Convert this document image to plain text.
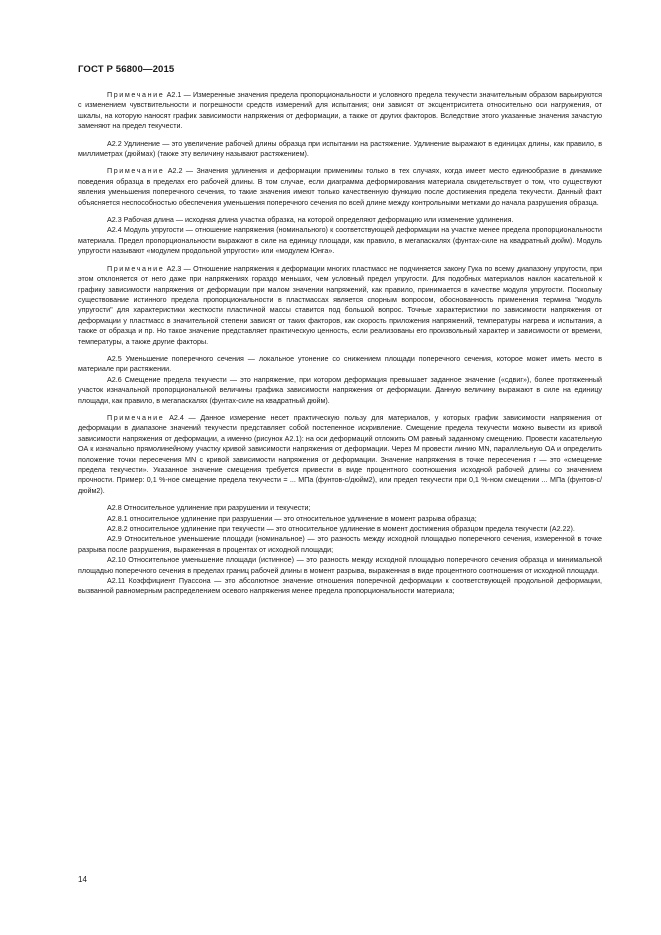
ГОСТ Р 56800—2015

Примечание А2.1 — Измеренные значения предела пропорциональности и условного предела текучести значительным образом варьируются с изменением чувствительности и погрешности средств измерений для испытания; они зависят от эксцентриситета относительно оси нагружения, от шкалы, на которую наносят график зависимости напряжения от деформации, а также от других факторов. Вследствие этого указанные значения зачастую заменяют на предел текучести.

А2.2 Удлинение — это увеличение рабочей длины образца при испытании на растяжение. Удлинение выражают в единицах длины, как правило, в миллиметрах (дюймах) (также эту величину называют растяжением).

Примечание А2.2 — Значения удлинения и деформации применимы только в тех случаях, когда имеет место единообразие в динамике поведения образца в пределах его рабочей длины. В том случае, если диаграмма деформирования материала свидетельствует о том, что существуют явления уменьшения поперечного сечения, то такие значения имеют только качественную функцию после достижения предела текучести. Данный факт объясняется неспособностью обеспечения уменьшения поперечного сечения по всей длине между контрольными метками до начала разрушения образца.

А2.3 Рабочая длина — исходная длина участка образка, на которой определяют деформацию или изменение удлинения.

А2.4 Модуль упругости — отношение напряжения (номинального) к соответствующей деформации на участке менее предела пропорциональности материала. Предел пропорциональности выражают в силе на единицу площади, как правило, в мегапаскалях (фунтах-силе на квадратный дюйм). Модуль упругости называют «модулем продольной упругости» или «модулем Юнга».

Примечание А2.3 — Отношение напряжения к деформации многих пластмасс не подчиняется закону Гука по всему диапазону упругости, при этом отклоняется от него даже при напряжениях гораздо меньших, чем условный предел упругости. Для подобных материалов наклон касательной к графику зависимости напряжения от деформации при малом значении напряжений, как правило, принимается в качестве модуля упругости. Поскольку существование истинного предела пропорциональности в пластмассах является спорным вопросом, обоснованность применения термина "модуль упругости" для характеристики жесткости пластичной массы ставится под большой вопрос. Точные характеристики по зависимости напряжения от деформации у пластмасс в значительной степени зависят от таких факторов, как скорость приложения напряжений, температуры нагрева и испытания, а также от образца и пр. Но такое значение представляет практическую ценность, если реализованы его произвольный характер и зависимости от времени, температуры, а также другие факторы.

А2.5 Уменьшение поперечного сечения — локальное утонение со снижением площади поперечного сечения, которое может иметь место в материале при растяжении.

А2.6 Смещение предела текучести — это напряжение, при котором деформация превышает заданное значение («сдвиг»), более протяженный участок изначальной пропорциональной величины графика зависимости напряжения от деформации. Данную величину выражают в силе на единицу площади, как правило, в мегапаскалях (фунтах-силе на квадратный дюйм).

Примечание А2.4 — Данное измерение несет практическую пользу для материалов, у которых график зависимости напряжения от деформации в диапазоне значений текучести представляет собой постепенное искривление. Смещение предела текучести можно вывести из кривой зависимости напряжения от деформации, а именно (рисунок А2.1): на оси деформаций отложить OM равный заданному смещению. Провести касательную OA к изначально прямолинейному участку кривой зависимости напряжения от деформации. Через M провести линию MN, параллельную OA и определить положение точки пересечения MN с кривой зависимости напряжения от деформации. Значение напряжения в точке пересечения r — это «смещение предела текучести». Указанное значение смещения требуется привести в виде процентного соотношения исходной рабочей длины со значением прочности. Пример: 0,1 %-ное смещение предела текучести = ... МПа (фунтов-с/дюйм2), или предел текучести при 0,1 %-ном смещении ... МПа (фунтов-с/дюйм2).

А2.8 Относительное удлинение при разрушении и текучести;

А2.8.1 относительное удлинение при разрушении — это относительное удлинение в момент разрыва образца;

А2.8.2 относительное удлинение при текучести — это относительное удлинение в момент достижения образцом предела текучести (А2.22).

А2.9 Относительное уменьшение площади (номинальное) — это разность между исходной площадью поперечного сечения, измеренной в точке разрыва после разрушения, выраженная в процентах от исходной площади;

А2.10 Относительное уменьшение площади (истинное) — это разность между исходной площадью поперечного сечения образца и минимальной площадью поперечного сечения в пределах границ рабочей длины в момент разрыва, выраженная в виде процентного соотношения от исходной площади.

А2.11 Коэффициент Пуассона — это абсолютное значение отношения поперечной деформации к соответствующей продольной деформации, вызванной равномерным распределением осевого напряжения менее предела пропорциональности материала;

14
